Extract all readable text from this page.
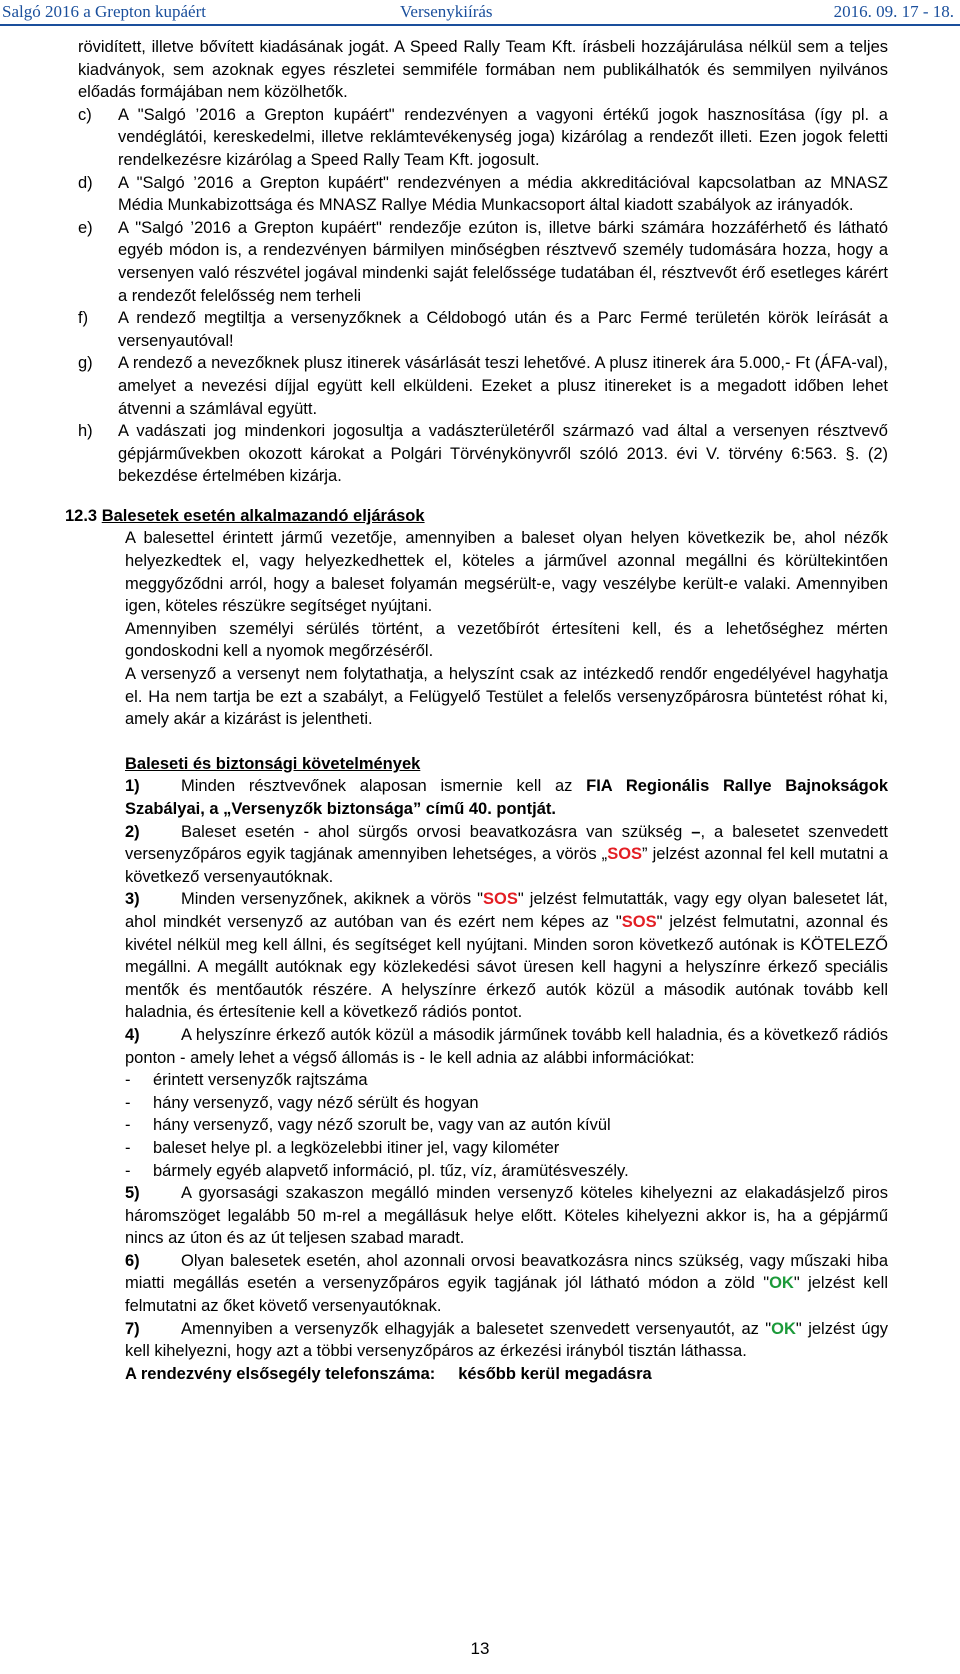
Salgó 2016 a Grepton kupáért	Versenykiírás	2016. 09. 17 - 18.

rövidített, illetve bővített kiadásának jogát. A Speed Rally Team Kft. írásbeli hozzájárulása nélkül sem a teljes kiadványok, sem azoknak egyes részletei semmiféle formában nem publikálhatók és semmilyen nyilvános előadás formájában nem közölhetők.

c) A "Salgó ’2016 a Grepton kupáért" rendezvényen a vagyoni értékű jogok hasznosítása (így pl. a vendéglátói, kereskedelmi, illetve reklámtevékenység joga) kizárólag a rendezőt illeti. Ezen jogok feletti rendelkezésre kizárólag a Speed Rally Team Kft. jogosult.
d) A "Salgó ’2016 a Grepton kupáért" rendezvényen a média akkreditációval kapcsolatban az MNASZ Média Munkabizottsága és MNASZ Rallye Média Munkacsoport által kiadott szabályok az irányadók.
e) A "Salgó ’2016 a Grepton kupáért" rendezője ezúton is, illetve bárki számára hozzáférhető és látható egyéb módon is, a rendezvényen bármilyen minőségben résztvevő személy tudomására hozza, hogy a versenyen való részvétel jogával mindenki saját felelőssége tudatában él, résztvevőt érő esetleges kárért a rendezőt felelősség nem terheli
f) A rendező megtiltja a versenyzőknek a Céldobogó után és a Parc Fermé területén körök leírását a versenyautóval!
g) A rendező a nevezőknek plusz itinerek vásárlását teszi lehetővé. A plusz itinerek ára 5.000,- Ft (ÁFA-val), amelyet a nevezési díjjal együtt kell elküldeni. Ezeket a plusz itinereket is a megadott időben lehet átvenni a számlával együtt.
h) A vadászati jog mindenkori jogosultja a vadászterületéről származó vad által a versenyen résztvevő gépjárművekben okozott károkat a Polgári Törvénykönyvről szóló 2013. évi V. törvény 6:563. §. (2) bekezdése értelmében kizárja.

12.3 Balesetek esetén alkalmazandó eljárások

A balesettel érintett jármű vezetője, amennyiben a baleset olyan helyen következik be, ahol nézők helyezkedtek el, vagy helyezkedhettek el, köteles a járművel azonnal megállni és körültekintően meggyőződni arról, hogy a baleset folyamán megsérült-e, vagy veszélybe került-e valaki. Amennyiben igen, köteles részükre segítséget nyújtani.

Amennyiben személyi sérülés történt, a vezetőbírót értesíteni kell, és a lehetőséghez mérten gondoskodni kell a nyomok megőrzéséről.

A versenyző a versenyt nem folytathatja, a helyszínt csak az intézkedő rendőr engedélyével hagyhatja el. Ha nem tartja be ezt a szabályt, a Felügyelő Testület a felelős versenyzőpárosra büntetést róhat ki, amely akár a kizárást is jelentheti.

Baleseti és biztonsági követelmények

1)	Minden résztvevőnek alaposan ismernie kell az FIA Regionális Rallye Bajnokságok Szabályai, a „Versenyzők biztonsága” című 40. pontját.

2)	Baleset esetén - ahol sürgős orvosi beavatkozásra van szükség –, a balesetet szenvedett versenyzőpáros egyik tagjának amennyiben lehetséges, a vörös „SOS” jelzést azonnal fel kell mutatni a következő versenyautóknak.

3)	Minden versenyzőnek, akiknek a vörös "SOS" jelzést felmutatták, vagy egy olyan balesetet lát, ahol mindkét versenyző az autóban van és ezért nem képes az "SOS" jelzést felmutatni, azonnal és kivétel nélkül meg kell állni, és segítséget kell nyújtani. Minden soron következő autónak is KÖTELEZŐ megállni. A megállt autóknak egy közlekedési sávot üresen kell hagyni a helyszínre érkező speciális mentők és mentőautók részére. A helyszínre érkező autók közül a második autónak tovább kell haladnia, és értesítenie kell a következő rádiós pontot.

4)	A helyszínre érkező autók közül a második járműnek tovább kell haladnia, és a következő rádiós ponton - amely lehet a végső állomás is - le kell adnia az alábbi információkat:

- érintett versenyzők rajtszáma

- hány versenyző, vagy néző sérült és hogyan

- hány versenyző, vagy néző szorult be, vagy van az autón kívül

- baleset helye pl. a legközelebbi itiner jel, vagy kilométer

- bármely egyéb alapvető információ, pl. tűz, víz, áramütésveszély.

5)	A gyorsasági szakaszon megálló minden versenyző köteles kihelyezni az elakadásjelző piros háromszöget legalább 50 m-rel a megállásuk helye előtt. Köteles kihelyezni akkor is, ha a gépjármű nincs az úton és az út teljesen szabad maradt.

6)	Olyan balesetek esetén, ahol azonnali orvosi beavatkozásra nincs szükség, vagy műszaki hiba miatti megállás esetén a versenyzőpáros egyik tagjának jól látható módon a zöld "OK" jelzést kell felmutatni az őket követő versenyautóknak.

7)	Amennyiben a versenyzők elhagyják a balesetet szenvedett versenyautót, az "OK" jelzést úgy kell kihelyezni, hogy azt a többi versenyzőpáros az érkezési irányból tisztán láthassa.

A rendezvény elsősegély telefonszáma: később kerül megadásra

13
